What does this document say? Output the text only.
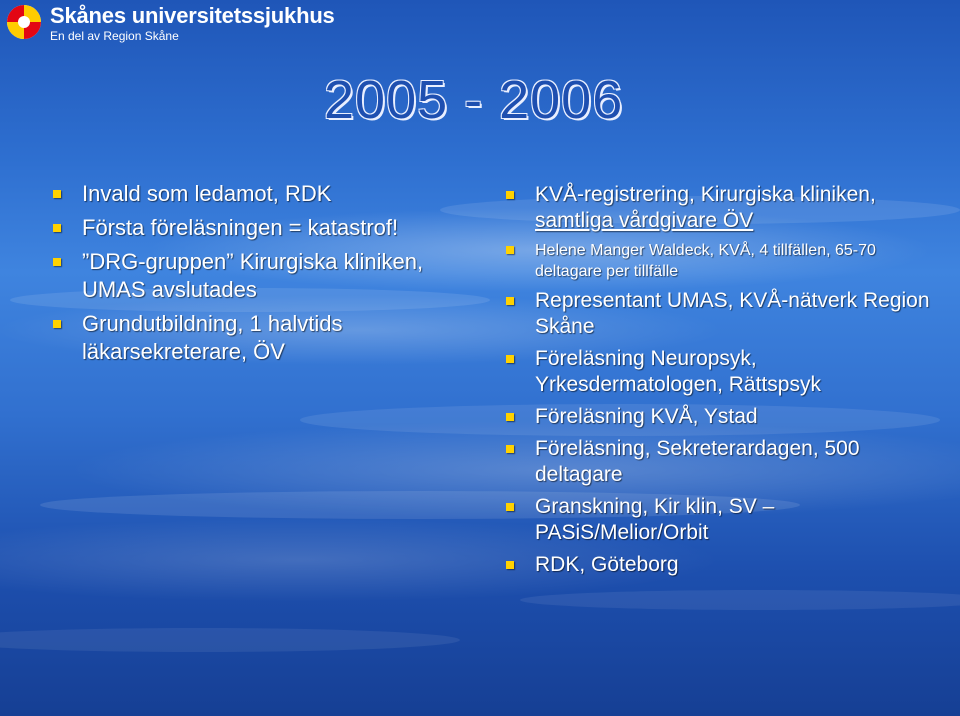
Skånes universitetssjukhus
En del av Region Skåne
2005 - 2006
Invald som ledamot, RDK
Första föreläsningen = katastrof!
”DRG-gruppen” Kirurgiska kliniken, UMAS avslutades
Grundutbildning, 1 halvtids läkarsekreterare, ÖV
KVÅ-registrering, Kirurgiska kliniken, samtliga vårdgivare ÖV
Helene Manger Waldeck, KVÅ, 4 tillfällen, 65-70 deltagare per tillfälle
Representant UMAS, KVÅ-nätverk Region Skåne
Föreläsning Neuropsyk, Yrkesdermatologen, Rättspsyk
Föreläsning KVÅ, Ystad
Föreläsning, Sekreterardagen, 500 deltagare
Granskning, Kir klin, SV – PASiS/Melior/Orbit
RDK, Göteborg
